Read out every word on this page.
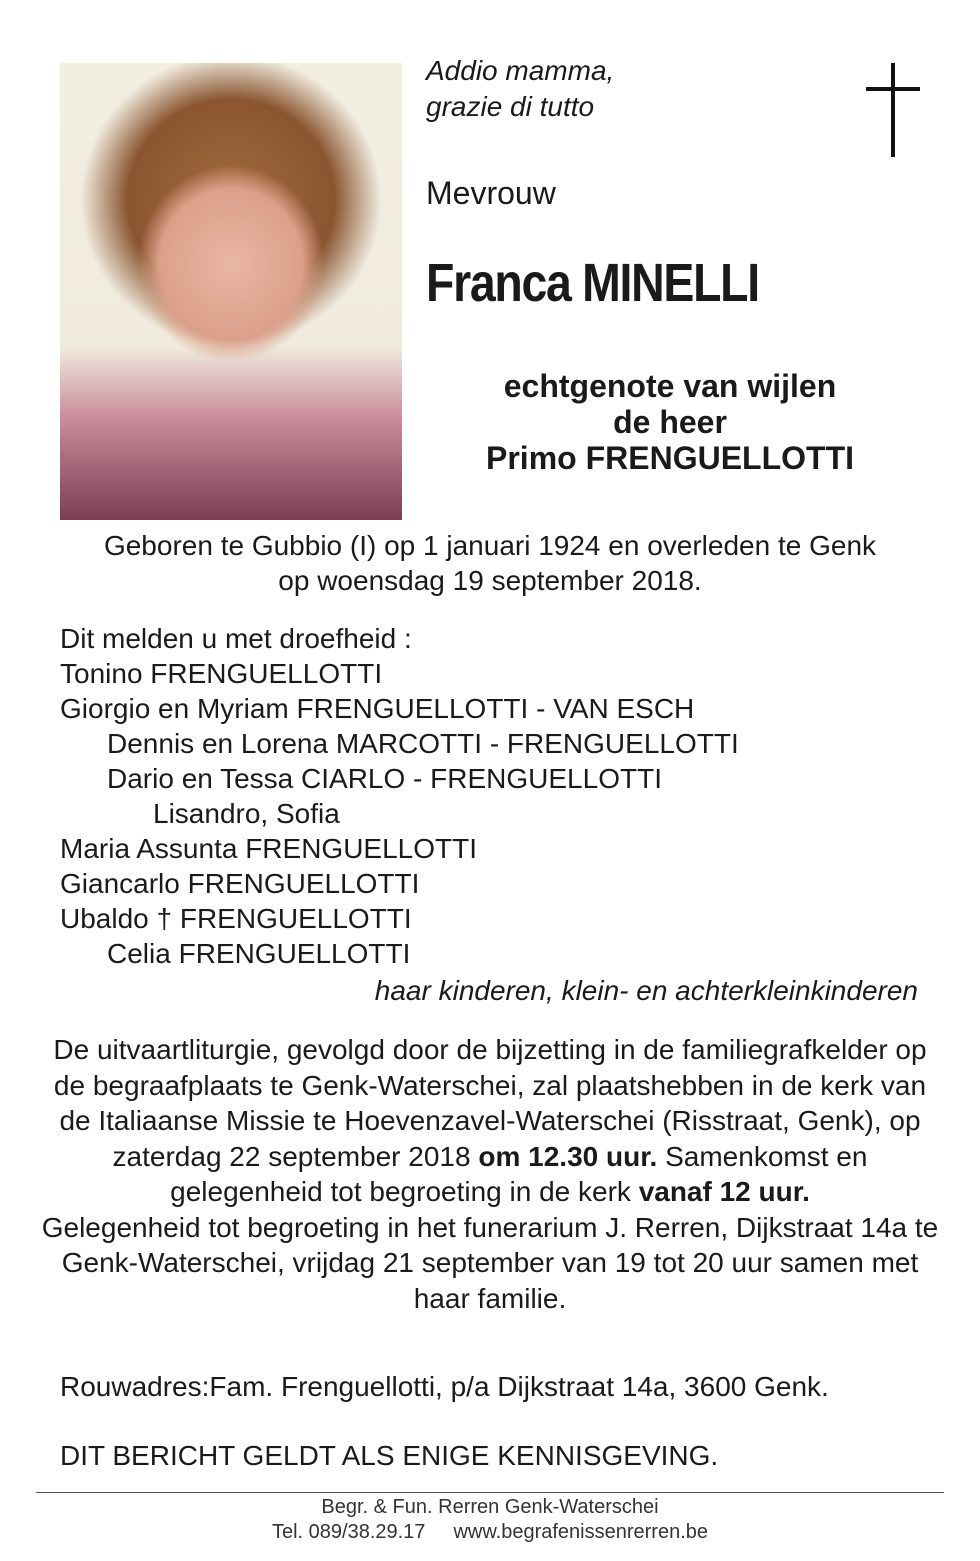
Addio mamma,
grazie di tutto
Mevrouw
Franca MINELLI
echtgenote van wijlen
de heer
Primo FRENGUELLOTTI
Geboren te Gubbio (I) op 1 januari 1924 en overleden te Genk
op woensdag 19 september 2018.
Dit melden u met droefheid :
Tonino FRENGUELLOTTI
Giorgio en Myriam FRENGUELLOTTI - VAN ESCH
Dennis en Lorena MARCOTTI - FRENGUELLOTTI
Dario en Tessa CIARLO - FRENGUELLOTTI
Lisandro, Sofia
Maria Assunta FRENGUELLOTTI
Giancarlo FRENGUELLOTTI
Ubaldo † FRENGUELLOTTI
Celia FRENGUELLOTTI
haar kinderen, klein- en achterkleinkinderen

De uitvaartliturgie, gevolgd door de bijzetting in de familiegrafkelder op de begraafplaats te Genk-Waterschei, zal plaatshebben in de kerk van de Italiaanse Missie te Hoevenzavel-Waterschei (Risstraat, Genk), op zaterdag 22 september 2018 om 12.30 uur. Samenkomst en gelegenheid tot begroeting in de kerk vanaf 12 uur.

Gelegenheid tot begroeting in het funerarium J. Rerren, Dijkstraat 14a te Genk-Waterschei, vrijdag 21 september van 19 tot 20 uur samen met haar familie.

Rouwadres:Fam. Frenguellotti, p/a Dijkstraat 14a, 3600 Genk.
DIT BERICHT GELDT ALS ENIGE KENNISGEVING.
Begr. & Fun. Rerren Genk-Waterschei
Tel. 089/38.29.17 www.begrafenissenrerren.be
